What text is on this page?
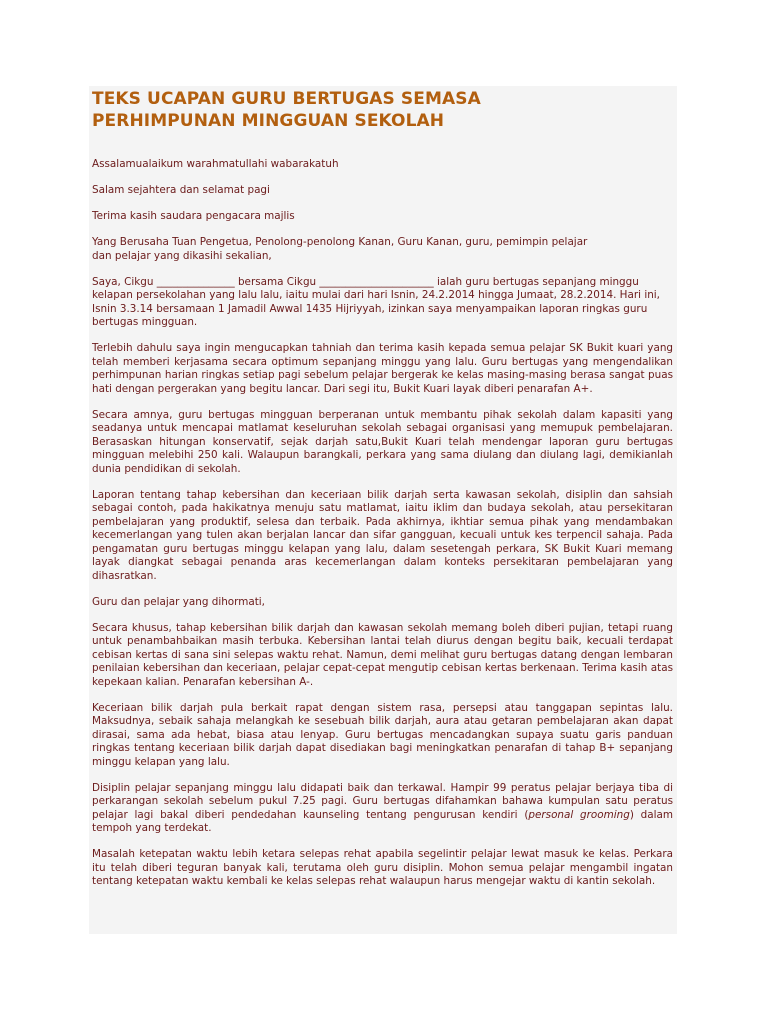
TEKS UCAPAN GURU BERTUGAS SEMASA
PERHIMPUNAN MINGGUAN SEKOLAH

Assalamualaikum warahmatullahi wabarakatuh

Salam sejahtera dan selamat pagi

Terima kasih saudara pengacara majlis

Yang Berusaha Tuan Pengetua, Penolong-penolong Kanan, Guru Kanan, guru, pemimpin pelajar
dan pelajar yang dikasihi sekalian,

Saya, Cikgu _______________ bersama Cikgu ______________________ ialah guru bertugas sepanjang minggu kelapan persekolahan yang lalu lalu, iaitu mulai dari hari Isnin, 24.2.2014 hingga Jumaat, 28.2.2014. Hari ini, Isnin 3.3.14 bersamaan 1 Jamadil Awwal 1435 Hijriyyah, izinkan saya menyampaikan laporan ringkas guru bertugas mingguan.

Terlebih dahulu saya ingin mengucapkan tahniah dan terima kasih kepada semua pelajar SK Bukit kuari yang telah memberi kerjasama secara optimum sepanjang minggu yang lalu. Guru bertugas yang mengendalikan perhimpunan harian ringkas setiap pagi sebelum pelajar bergerak ke kelas masing-masing berasa sangat puas hati dengan pergerakan yang begitu lancar. Dari segi itu, Bukit Kuari layak diberi penarafan A+.

Secara amnya, guru bertugas mingguan berperanan untuk membantu pihak sekolah dalam kapasiti yang seadanya untuk mencapai matlamat keseluruhan sekolah sebagai organisasi yang memupuk pembelajaran. Berasaskan hitungan konservatif, sejak darjah satu,Bukit Kuari telah mendengar laporan guru bertugas mingguan melebihi 250 kali. Walaupun barangkali, perkara yang sama diulang dan diulang lagi, demikianlah dunia pendidikan di sekolah.

Laporan tentang tahap kebersihan dan keceriaan bilik darjah serta kawasan sekolah, disiplin dan sahsiah sebagai contoh, pada hakikatnya menuju satu matlamat, iaitu iklim dan budaya sekolah, atau persekitaran pembelajaran yang produktif, selesa dan terbaik. Pada akhirnya, ikhtiar semua pihak yang mendambakan kecemerlangan yang tulen akan berjalan lancar dan sifar gangguan, kecuali untuk kes terpencil sahaja. Pada pengamatan guru bertugas minggu kelapan yang lalu, dalam sesetengah perkara, SK Bukit Kuari memang layak diangkat sebagai penanda aras kecemerlangan dalam konteks persekitaran pembelajaran yang dihasratkan.

Guru dan pelajar yang dihormati,

Secara khusus, tahap kebersihan bilik darjah dan kawasan sekolah memang boleh diberi pujian, tetapi ruang untuk penambahbaikan masih terbuka. Kebersihan lantai telah diurus dengan begitu baik, kecuali terdapat cebisan kertas di sana sini selepas waktu rehat. Namun, demi melihat guru bertugas datang dengan lembaran penilaian kebersihan dan keceriaan, pelajar cepat-cepat mengutip cebisan kertas berkenaan. Terima kasih atas kepekaan kalian. Penarafan kebersihan A-.

Keceriaan bilik darjah pula berkait rapat dengan sistem rasa, persepsi atau tanggapan sepintas lalu. Maksudnya, sebaik sahaja melangkah ke sesebuah bilik darjah, aura atau getaran pembelajaran akan dapat dirasai, sama ada hebat, biasa atau lenyap. Guru bertugas mencadangkan supaya suatu garis panduan ringkas tentang keceriaan bilik darjah dapat disediakan bagi meningkatkan penarafan di tahap B+ sepanjang minggu kelapan yang lalu.

Disiplin pelajar sepanjang minggu lalu didapati baik dan terkawal. Hampir 99 peratus pelajar berjaya tiba di perkarangan sekolah sebelum pukul 7.25 pagi. Guru bertugas difahamkan bahawa kumpulan satu peratus pelajar lagi bakal diberi pendedahan kaunseling tentang pengurusan kendiri (personal grooming) dalam tempoh yang terdekat.

Masalah ketepatan waktu lebih ketara selepas rehat apabila segelintir pelajar lewat masuk ke kelas. Perkara itu telah diberi teguran banyak kali, terutama oleh guru disiplin. Mohon semua pelajar mengambil ingatan tentang ketepatan waktu kembali ke kelas selepas rehat walaupun harus mengejar waktu di kantin sekolah.
